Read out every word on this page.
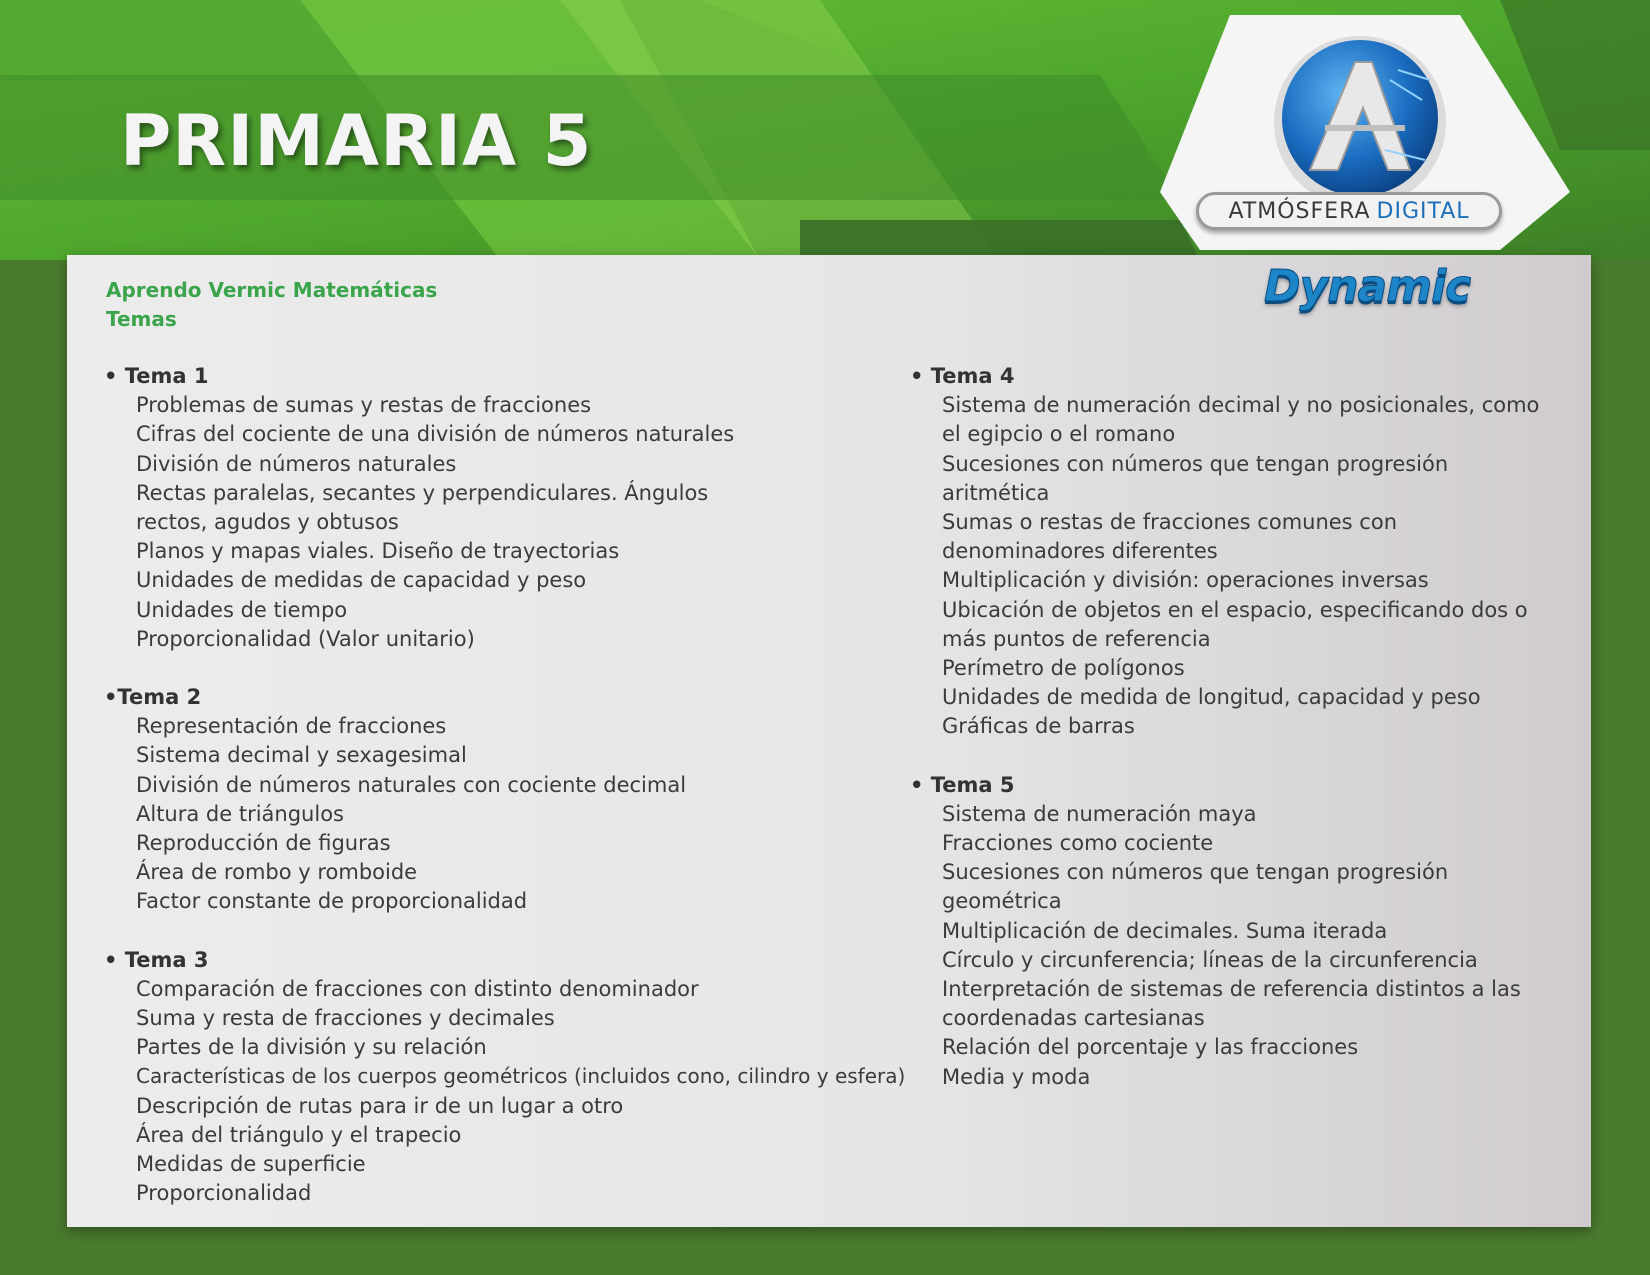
PRIMARIA 5
ATMÓSFERA DIGITAL
Dynamic
Aprendo Vermic Matemáticas
Temas
• Tema 1
Problemas de sumas y restas de fracciones
Cifras del cociente de una división de números naturales
División de números naturales
Rectas paralelas, secantes y perpendiculares. Ángulos rectos, agudos y obtusos
Planos y mapas viales. Diseño de trayectorias
Unidades de medidas de capacidad y peso
Unidades de tiempo
Proporcionalidad (Valor unitario)
•Tema 2
Representación de fracciones
Sistema decimal y sexagesimal
División de números naturales con cociente decimal
Altura de triángulos
Reproducción de figuras
Área de rombo y romboide
Factor constante de proporcionalidad
• Tema 3
Comparación de fracciones con distinto denominador
Suma y resta de fracciones y decimales
Partes de la división y su relación
Características de los cuerpos geométricos (incluidos cono, cilindro y esfera)
Descripción de rutas para ir de un lugar a otro
Área del triángulo y el trapecio
Medidas de superficie
Proporcionalidad
• Tema 4
Sistema de numeración decimal y no posicionales, como el egipcio o el romano
Sucesiones con números que tengan progresión aritmética
Sumas o restas de fracciones comunes con denominadores diferentes
Multiplicación y división: operaciones inversas
Ubicación de objetos en el espacio, especificando dos o más puntos de referencia
Perímetro de polígonos
Unidades de medida de longitud, capacidad y peso
Gráficas de barras
• Tema 5
Sistema de numeración maya
Fracciones como cociente
Sucesiones con números que tengan progresión geométrica
Multiplicación de decimales. Suma iterada
Círculo y circunferencia; líneas de la circunferencia
Interpretación de sistemas de referencia distintos a las coordenadas cartesianas
Relación del porcentaje y las fracciones
Media y moda
